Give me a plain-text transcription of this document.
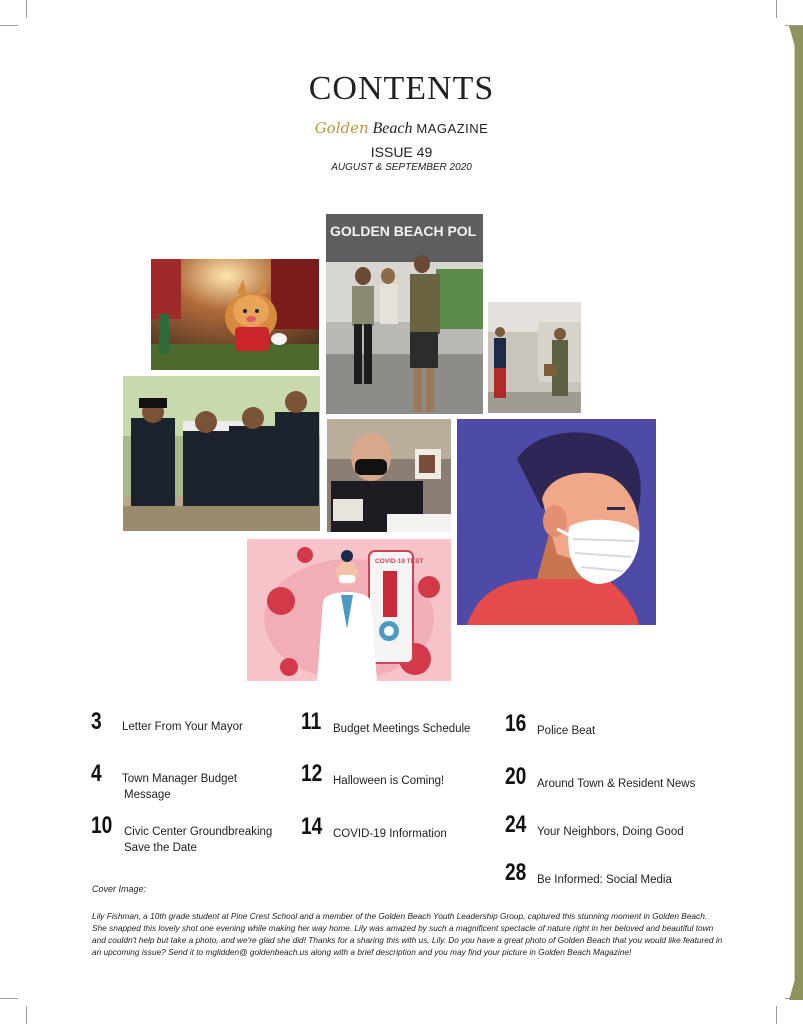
CONTENTS
Golden Beach MAGAZINE
ISSUE 49
AUGUST & SEPTEMBER 2020
GOLDEN BEACH POL
COVID-19 TEST
3 Letter From Your Mayor
4 Town Manager Budget
Message
10 Civic Center Groundbreaking
Save the Date
11 Budget Meetings Schedule
12 Halloween is Coming!
14 COVID-19 Information
16 Police Beat
20 Around Town & Resident News
24 Your Neighbors, Doing Good
28 Be Informed: Social Media
Cover Image:
Lily Fishman, a 10th grade student at Pine Crest School and a member of the Golden Beach Youth Leadership Group, captured this stunning moment in Golden Beach. She snapped this lovely shot one evening while making her way home. Lily was amazed by such a magnificent spectacle of nature right in her beloved and beautiful town and couldn't help but take a photo, and we're glad she did! Thanks for a sharing this with us, Lily. Do you have a great photo of Golden Beach that you would like featured in an upcoming issue? Send it to mglidden@ goldenbeach.us along with a brief description and you may find your picture in Golden Beach Magazine!
